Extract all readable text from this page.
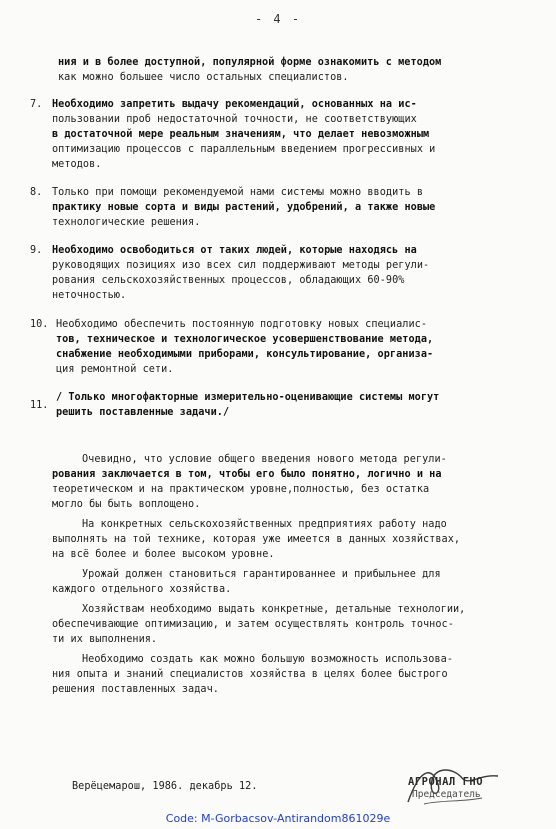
- 4 -
ния и в более доступной, популярной форме ознакомить с методом
как можно большее число остальных специалистов.
7. Необходимо запретить выдачу рекомендаций, основанных на ис-
пользовании проб недостаточной точности, не соответствующих
в достаточной мере реальным значениям, что делает невозможным
оптимизацию процессов с параллельным введением прогрессивных и
методов.
8. Только при помощи рекомендуемой нами системы можно вводить в
практику новые сорта и виды растений, удобрений, а также новые
технологические решения.
9. Необходимо освободиться от таких людей, которые находясь на
руководящих позициях изо всех сил поддерживают методы регули-
рования сельскохозяйственных процессов, обладающих 60-90%
неточностью.
10. Необходимо обеспечить постоянную подготовку новых специалис-
тов, техническое и технологическое усовершенствование метода,
снабжение необходимыми приборами, консультирование, организа-
ция ремонтной сети.
11.
/ Только многофакторные измерительно-оценивающие системы могут
решить поставленные задачи./
Очевидно, что условие общего введения нового метода регули-
рования заключается в том, чтобы его было понятно, логично и на
теоретическом и на практическом уровне,полностью, без остатка
могло бы быть воплощено.
На конкретных сельскохозяйственных предприятиях работу надо
выполнять на той технике, которая уже имеется в данных хозяйствах,
на всё более и более высоком уровне.
Урожай должен становиться гарантированнее и прибыльнее для
каждого отдельного хозяйства.
Хозяйствам необходимо выдать конкретные, детальные технологии,
обеспечивающие оптимизацию, и затем осуществлять контроль точнос-
ти их выполнения.
Необходимо создать как можно большую возможность использова-
ния опыта и знаний специалистов хозяйства в целях более быстрого
решения поставленных задач.
Верёцемарош, 1986. декабрь 12.	АГРОНАЛ ГНО
Председатель
Code: M-Gorbacsov-Antirandom861029e
